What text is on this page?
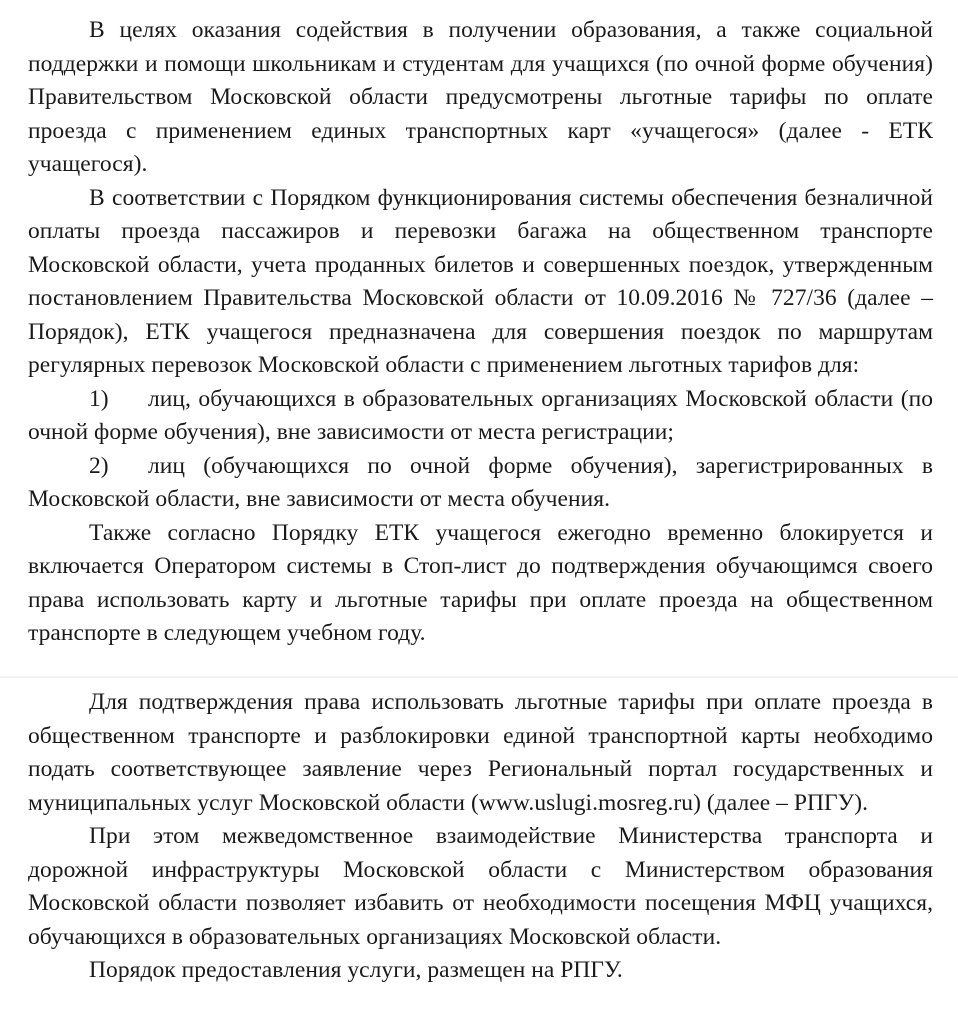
В целях оказания содействия в получении образования, а также социальной поддержки и помощи школьникам и студентам для учащихся (по очной форме обучения) Правительством Московской области предусмотрены льготные тарифы по оплате проезда с применением единых транспортных карт «учащегося» (далее - ЕТК учащегося).

В соответствии с Порядком функционирования системы обеспечения безналичной оплаты проезда пассажиров и перевозки багажа на общественном транспорте Московской области, учета проданных билетов и совершенных поездок, утвержденным постановлением Правительства Московской области от 10.09.2016 № 727/36 (далее – Порядок), ЕТК учащегося предназначена для совершения поездок по маршрутам регулярных перевозок Московской области с применением льготных тарифов для:

1) лиц, обучающихся в образовательных организациях Московской области (по очной форме обучения), вне зависимости от места регистрации;

2) лиц (обучающихся по очной форме обучения), зарегистрированных в Московской области, вне зависимости от места обучения.

Также согласно Порядку ЕТК учащегося ежегодно временно блокируется и включается Оператором системы в Стоп-лист до подтверждения обучающимся своего права использовать карту и льготные тарифы при оплате проезда на общественном транспорте в следующем учебном году.

Для подтверждения права использовать льготные тарифы при оплате проезда в общественном транспорте и разблокировки единой транспортной карты необходимо подать соответствующее заявление через Региональный портал государственных и муниципальных услуг Московской области (www.uslugi.mosreg.ru) (далее – РПГУ).

При этом межведомственное взаимодействие Министерства транспорта и дорожной инфраструктуры Московской области с Министерством образования Московской области позволяет избавить от необходимости посещения МФЦ учащихся, обучающихся в образовательных организациях Московской области.

Порядок предоставления услуги, размещен на РПГУ.
